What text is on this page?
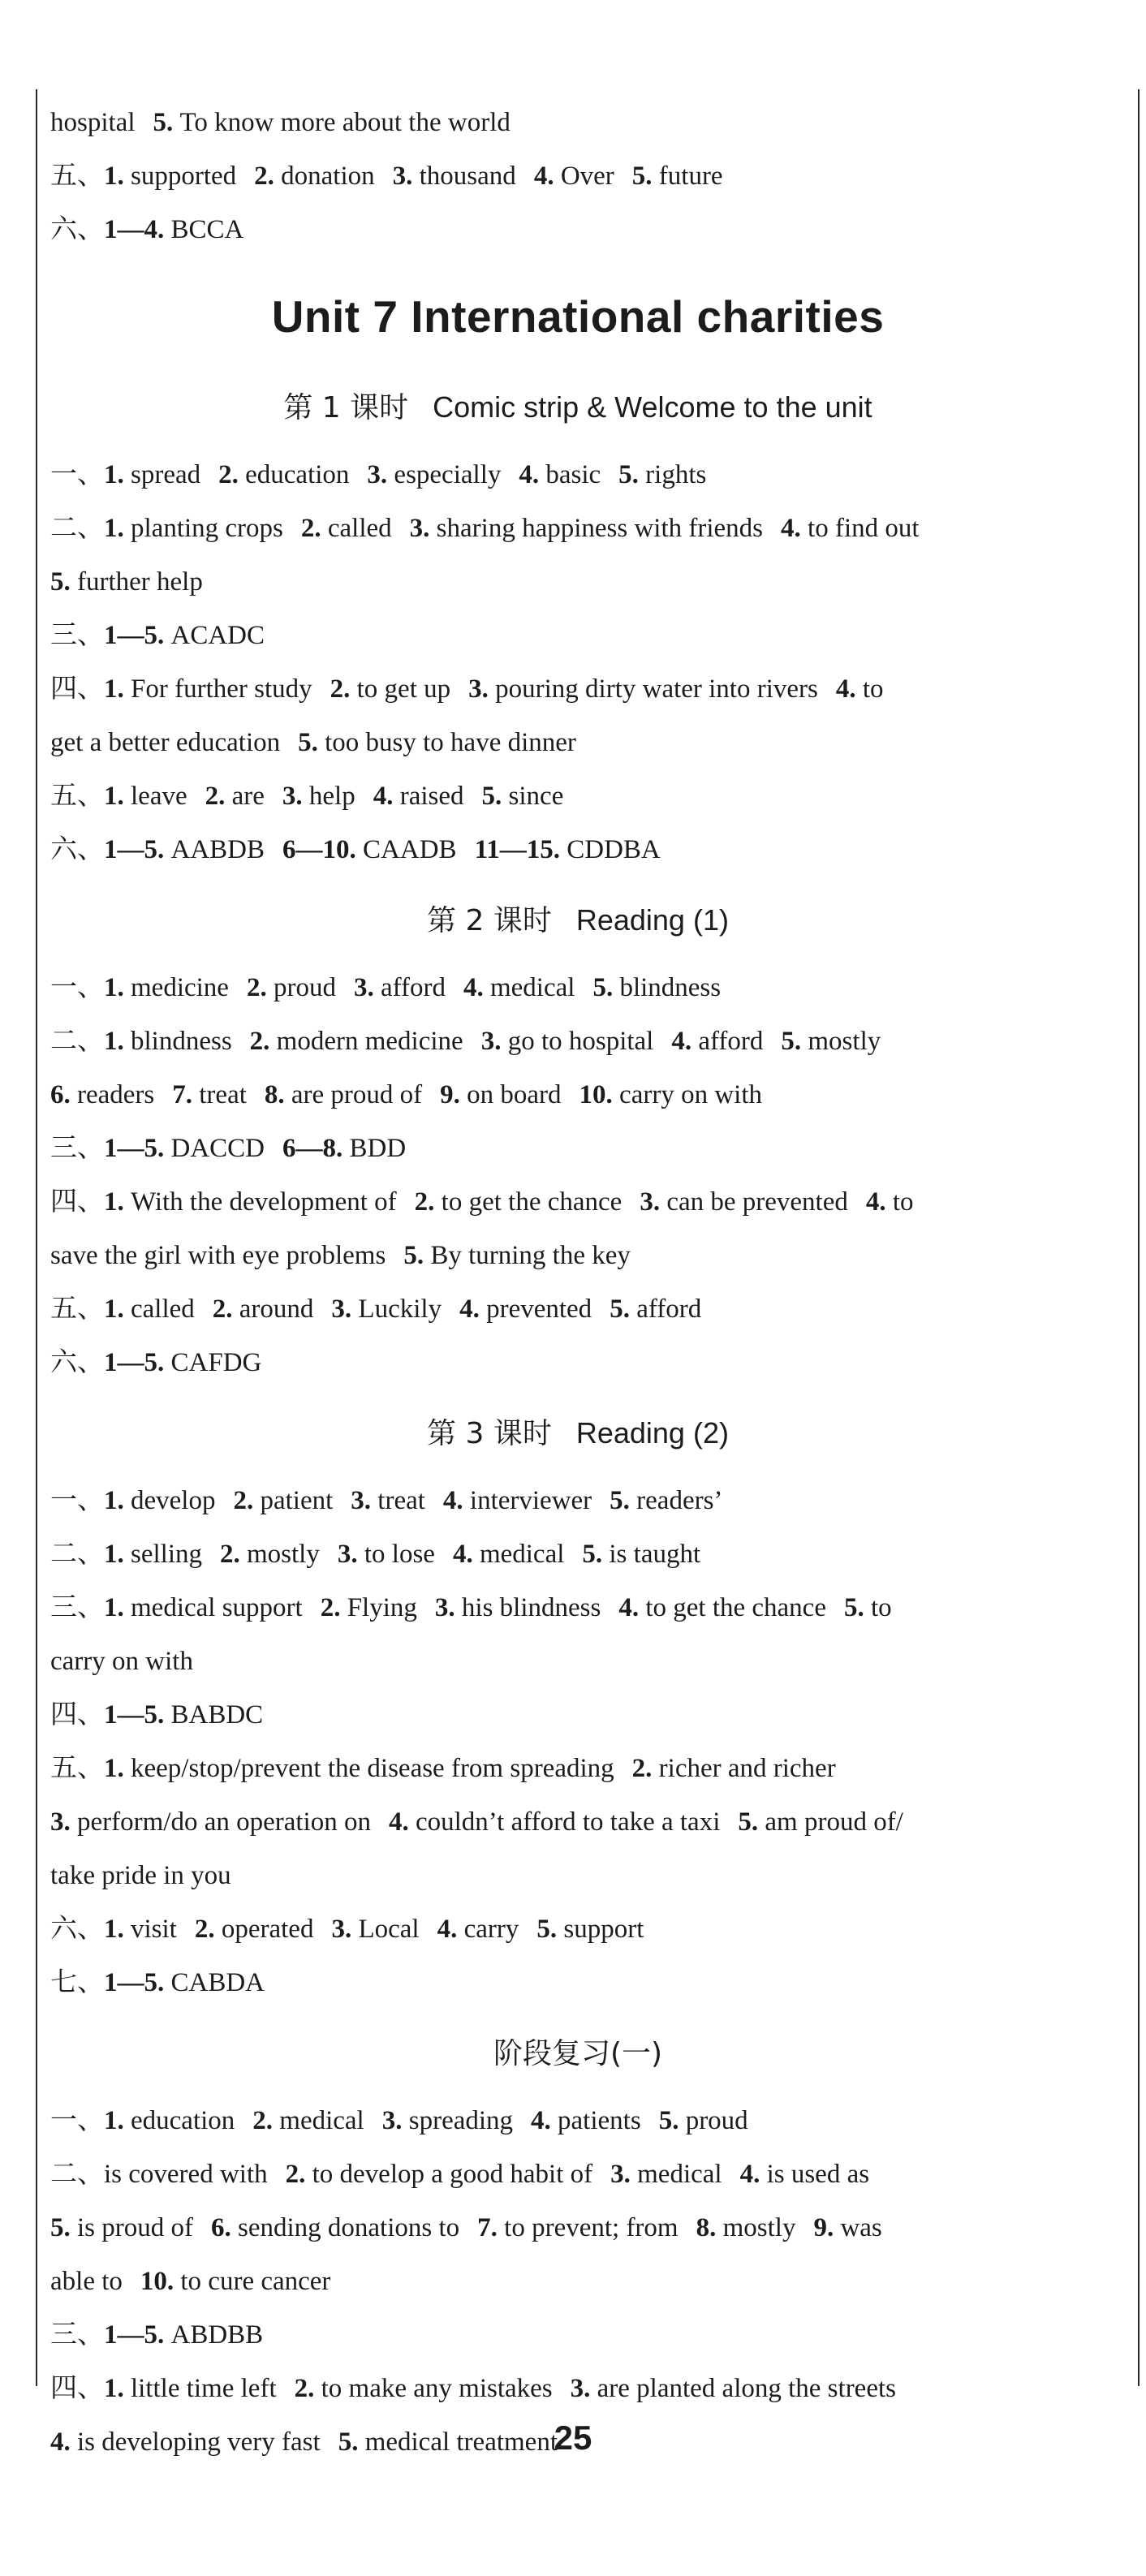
hospital 5. To know more about the world
五、1. supported 2. donation 3. thousand 4. Over 5. future
六、1—4. BCCA
Unit 7 International charities
第 1 课时 Comic strip & Welcome to the unit
一、1. spread 2. education 3. especially 4. basic 5. rights
二、1. planting crops 2. called 3. sharing happiness with friends 4. to find out
5. further help
三、1—5. ACADC
四、1. For further study 2. to get up 3. pouring dirty water into rivers 4. to
get a better education 5. too busy to have dinner
五、1. leave 2. are 3. help 4. raised 5. since
六、1—5. AABDB 6—10. CAADB 11—15. CDDBA
第 2 课时 Reading (1)
一、1. medicine 2. proud 3. afford 4. medical 5. blindness
二、1. blindness 2. modern medicine 3. go to hospital 4. afford 5. mostly
6. readers 7. treat 8. are proud of 9. on board 10. carry on with
三、1—5. DACCD 6—8. BDD
四、1. With the development of 2. to get the chance 3. can be prevented 4. to
save the girl with eye problems 5. By turning the key
五、1. called 2. around 3. Luckily 4. prevented 5. afford
六、1—5. CAFDG
第 3 课时 Reading (2)
一、1. develop 2. patient 3. treat 4. interviewer 5. readers’
二、1. selling 2. mostly 3. to lose 4. medical 5. is taught
三、1. medical support 2. Flying 3. his blindness 4. to get the chance 5. to
carry on with
四、1—5. BABDC
五、1. keep/stop/prevent the disease from spreading 2. richer and richer
3. perform/do an operation on 4. couldn’t afford to take a taxi 5. am proud of/
take pride in you
六、1. visit 2. operated 3. Local 4. carry 5. support
七、1—5. CABDA
阶段复习(一)
一、1. education 2. medical 3. spreading 4. patients 5. proud
二、is covered with 2. to develop a good habit of 3. medical 4. is used as
5. is proud of 6. sending donations to 7. to prevent; from 8. mostly 9. was
able to 10. to cure cancer
三、1—5. ABDBB
四、1. little time left 2. to make any mistakes 3. are planted along the streets
4. is developing very fast 5. medical treatment
25
